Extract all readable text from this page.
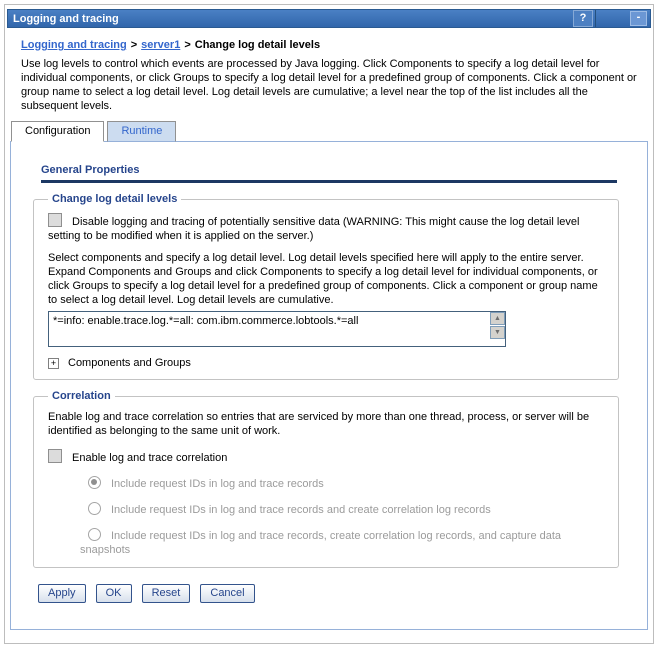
Logging and tracing	?	-
Logging and tracing > server1 > Change log detail levels
Use log levels to control which events are processed by Java logging. Click Components to specify a log detail level for individual components, or click Groups to specify a log detail level for a predefined group of components. Click a component or group name to select a log detail level. Log detail levels are cumulative; a level near the top of the list includes all the subsequent levels.
Configuration	Runtime
General Properties
Change log detail levels
Disable logging and tracing of potentially sensitive data (WARNING: This might cause the log detail level setting to be modified when it is applied on the server.)
Select components and specify a log detail level. Log detail levels specified here will apply to the entire server. Expand Components and Groups and click Components to specify a log detail level for individual components, or click Groups to specify a log detail level for a predefined group of components. Click a component or group name to select a log detail level. Log detail levels are cumulative.
*=info: enable.trace.log.*=all: com.ibm.commerce.lobtools.*=all	▲
▼
+ Components and Groups
Correlation
Enable log and trace correlation so entries that are serviced by more than one thread, process, or server will be identified as belonging to the same unit of work.
Enable log and trace correlation
Include request IDs in log and trace records
Include request IDs in log and trace records and create correlation log records
Include request IDs in log and trace records, create correlation log records, and capture data snapshots
Apply	OK	Reset	Cancel
